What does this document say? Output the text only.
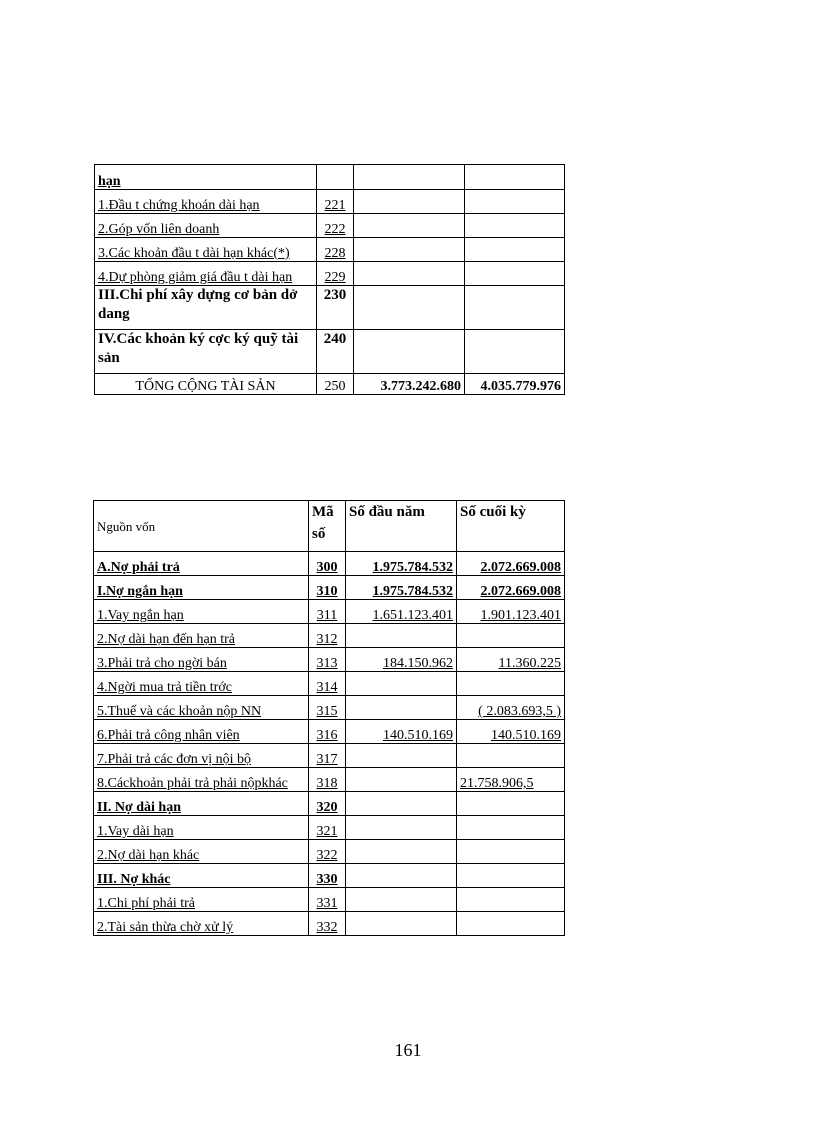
hạn			
1.Đầu t chứng khoán dài hạn	221		
2.Góp vốn liên doanh	222		
3.Các khoản đầu t dài hạn khác(*)	228		
4.Dự phòng giảm giá đầu t dài hạn	229		
III.Chi phí xây dựng cơ bản dở dang	230		
IV.Các khoản ký cợc ký quỹ tài sản	240		
TỔNG CỘNG TÀI SẢN	250	3.773.242.680	4.035.779.976
Nguồn vốn	Mã số	Số đầu năm	Số cuối kỳ
A.Nợ phải trả	300	1.975.784.532	2.072.669.008
I.Nợ ngắn hạn	310	1.975.784.532	2.072.669.008
1.Vay ngắn hạn	311	1.651.123.401	1.901.123.401
2.Nợ dài hạn đến hạn trả	312		
3.Phải trả cho ngời bán	313	184.150.962	11.360.225
4.Ngời mua trả tiền trớc	314		
5.Thuế và các khoản nộp NN	315		( 2.083.693,5 )
6.Phải trả công nhân viên	316	140.510.169	140.510.169
7.Phải trả các đơn vị nội bộ	317		
8.Cáckhoản phải trả phải nộpkhác	318		21.758.906,5
II. Nợ dài hạn	320		
1.Vay dài hạn	321		
2.Nợ dài hạn khác	322		
III. Nợ khác	330		
1.Chi phí phải trả	331		
2.Tài sản thừa chờ xử lý	332		
161
